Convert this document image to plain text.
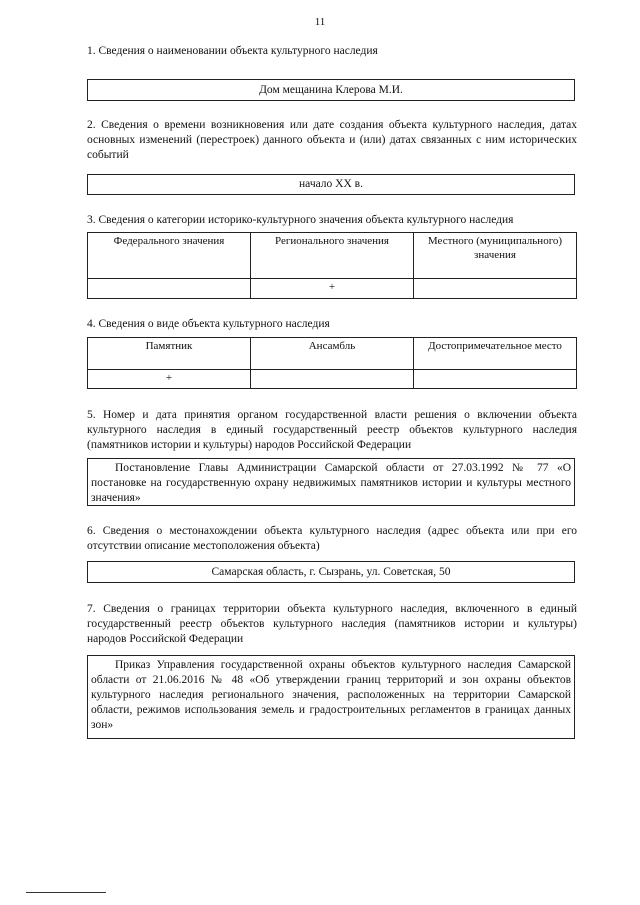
11
1. Сведения о наименовании объекта культурного наследия
Дом мещанина Клерова М.И.
2. Сведения о времени возникновения или дате создания объекта культурного наследия, датах
основных изменений (перестроек) данного объекта и (или) датах связанных с ним исторических
событий
начало ХХ в.
3. Сведения о категории историко-культурного значения объекта культурного наследия
Федерального значения	Регионального значения	Местного (муниципального) значения
	+	
4. Сведения о виде объекта культурного наследия
Памятник	Ансамбль	Достопримечательное место
+		
5. Номер и дата принятия органом государственной власти решения о включении объекта
культурного наследия в единый государственный реестр объектов культурного наследия
(памятников истории и культуры) народов Российской Федерации
Постановление Главы Администрации Самарской области от 27.03.1992 № 77 «О
постановке на государственную охрану недвижимых памятников истории и культуры местного
значения»
6. Сведения о местонахождении объекта культурного наследия (адрес объекта или при его
отсутствии описание местоположения объекта)
Самарская область, г. Сызрань, ул. Советская, 50
7. Сведения о границах территории объекта культурного наследия, включенного в единый
государственный реестр объектов культурного наследия (памятников истории и культуры)
народов Российской Федерации
Приказ Управления государственной охраны объектов культурного наследия Самарской
области от 21.06.2016 № 48 «Об утверждении границ территорий и зон охраны объектов
культурного наследия регионального значения, расположенных на территории Самарской
области, режимов использования земель и градостроительных регламентов в границах данных
зон»
